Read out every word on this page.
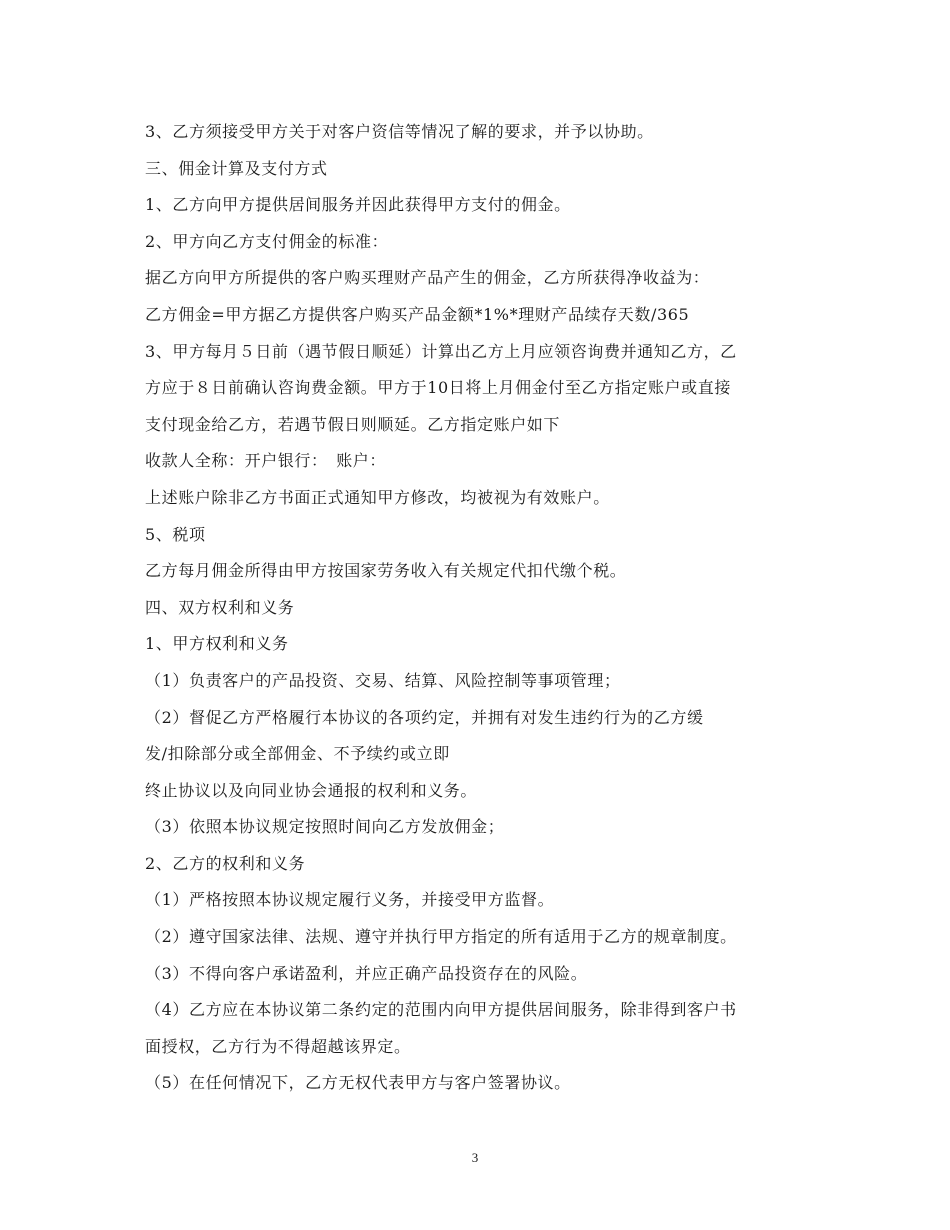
3、乙方须接受甲方关于对客户资信等情况了解的要求，并予以协助。
三、佣金计算及支付方式
1、乙方向甲方提供居间服务并因此获得甲方支付的佣金。
2、甲方向乙方支付佣金的标准：
据乙方向甲方所提供的客户购买理财产品产生的佣金，乙方所获得净收益为：
乙方佣金=甲方据乙方提供客户购买产品金额*1%*理财产品续存天数/365
3、甲方每月５日前（遇节假日顺延）计算出乙方上月应领咨询费并通知乙方，乙
方应于８日前确认咨询费金额。甲方于10日将上月佣金付至乙方指定账户或直接
支付现金给乙方，若遇节假日则顺延。乙方指定账户如下
收款人全称：开户银行：　账户：
上述账户除非乙方书面正式通知甲方修改，均被视为有效账户。
5、税项
乙方每月佣金所得由甲方按国家劳务收入有关规定代扣代缴个税。
四、双方权利和义务
1、甲方权利和义务
（1）负责客户的产品投资、交易、结算、风险控制等事项管理；
（2）督促乙方严格履行本协议的各项约定，并拥有对发生违约行为的乙方缓
发/扣除部分或全部佣金、不予续约或立即
终止协议以及向同业协会通报的权利和义务。
（3）依照本协议规定按照时间向乙方发放佣金；
2、乙方的权利和义务
（1）严格按照本协议规定履行义务，并接受甲方监督。
（2）遵守国家法律、法规、遵守并执行甲方指定的所有适用于乙方的规章制度。
（3）不得向客户承诺盈利，并应正确产品投资存在的风险。
（4）乙方应在本协议第二条约定的范围内向甲方提供居间服务，除非得到客户书
面授权，乙方行为不得超越该界定。
（5）在任何情况下，乙方无权代表甲方与客户签署协议。
3
